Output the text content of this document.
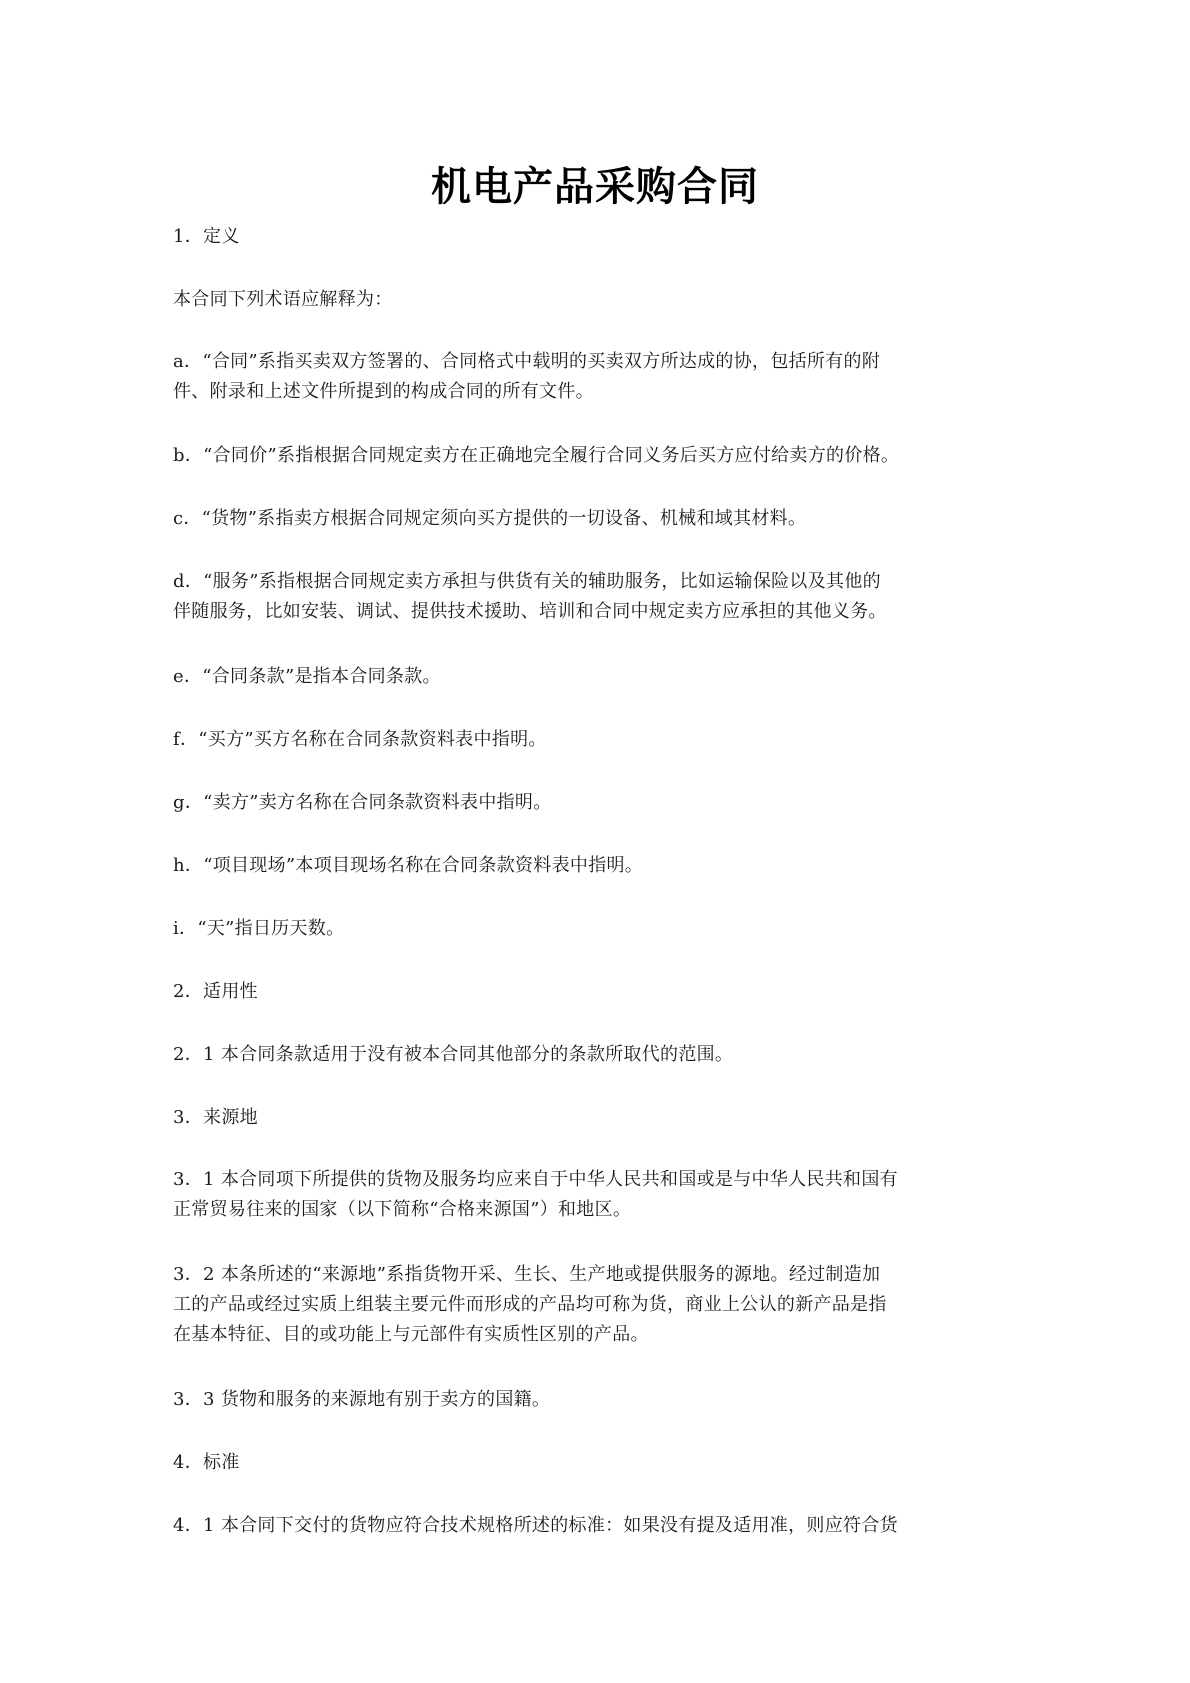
机电产品采购合同
1．定义
本合同下列术语应解释为：
a．“合同”系指买卖双方签署的、合同格式中载明的买卖双方所达成的协，包括所有的附
件、附录和上述文件所提到的构成合同的所有文件。
b．“合同价”系指根据合同规定卖方在正确地完全履行合同义务后买方应付给卖方的价格。
c．“货物”系指卖方根据合同规定须向买方提供的一切设备、机械和域其材料。
d．“服务”系指根据合同规定卖方承担与供货有关的辅助服务，比如运输保险以及其他的
伴随服务，比如安装、调试、提供技术援助、培训和合同中规定卖方应承担的其他义务。
e．“合同条款”是指本合同条款。
f．“买方”买方名称在合同条款资料表中指明。
g．“卖方”卖方名称在合同条款资料表中指明。
h．“项目现场”本项目现场名称在合同条款资料表中指明。
i．“天”指日历天数。
2．适用性
2．1 本合同条款适用于没有被本合同其他部分的条款所取代的范围。
3．来源地
3．1 本合同项下所提供的货物及服务均应来自于中华人民共和国或是与中华人民共和国有
正常贸易往来的国家（以下简称“合格来源国”）和地区。
3．2 本条所述的“来源地”系指货物开采、生长、生产地或提供服务的源地。经过制造加
工的产品或经过实质上组装主要元件而形成的产品均可称为货，商业上公认的新产品是指
在基本特征、目的或功能上与元部件有实质性区别的产品。
3．3 货物和服务的来源地有别于卖方的国籍。
4．标准
4．1 本合同下交付的货物应符合技术规格所述的标准：如果没有提及适用准，则应符合货
